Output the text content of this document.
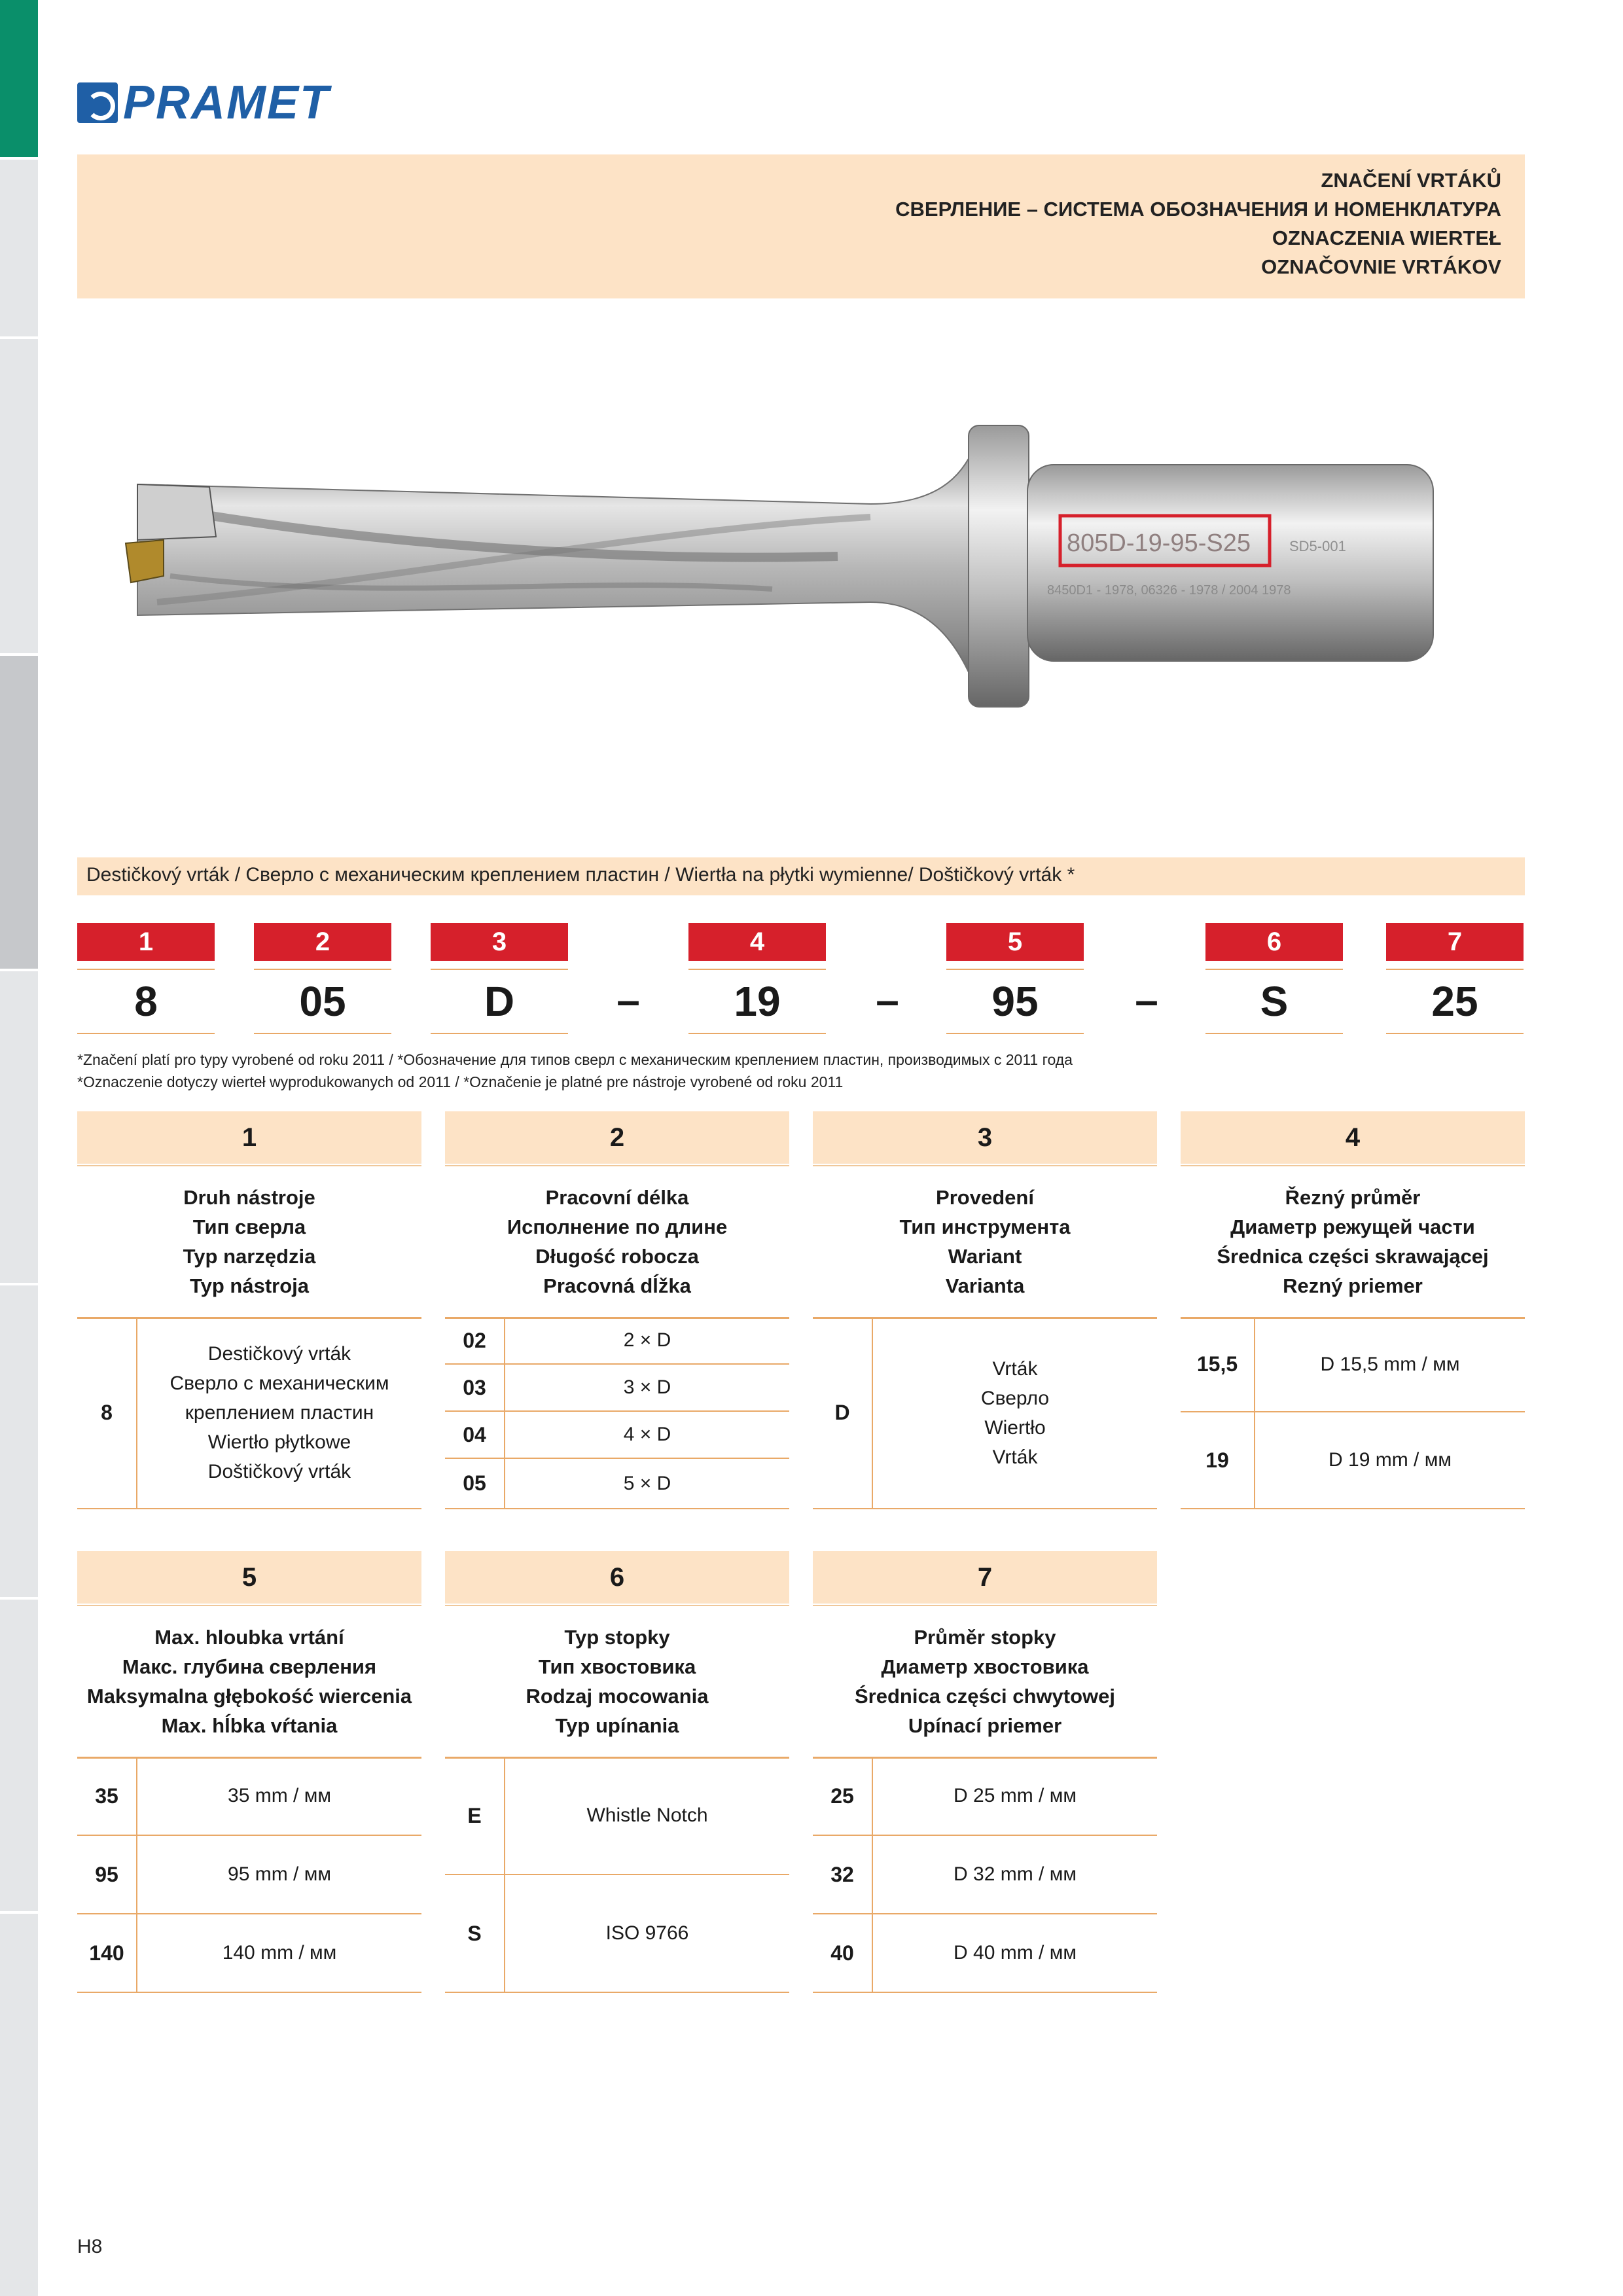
PRAMET
ZNAČENÍ VRTÁKŮ
СВЕРЛЕНИЕ – СИСТЕМА ОБОЗНАЧЕНИЯ И НОМЕНКЛАТУРА
OZNACZENIA WIERTEŁ
OZNAČOVNIE VRTÁKOV
805D-19-95-S25	SD5-001
8450D1 - 1978, 06326 - 1978 / 2004 1978
Destičkový vrták / Сверло с механическим креплением пластин / Wiertła na płytki wymienne/ Doštičkový vrták *
1	2	3	4	5	6	7
8	05	D	–	19	–	95	–	S	25
*Značení platí pro typy vyrobené od roku 2011 / *Обозначение для типов сверл с механическим креплением пластин, производимых с 2011 года
*Oznaczenie dotyczy wierteł wyprodukowanych od 2011 / *Označenie je platné pre nástroje vyrobené od roku 2011
1
Druh nástroje
Тип сверла
Typ narzędzia
Typ nástroja
8
Destičkový vrták
Сверло с механическим
креплением пластин
Wiertło płytkowe
Doštičkový vrták
2
Pracovní délka
Исполнение по длине
Długość robocza
Pracovná dĺžka
02	2 × D
03	3 × D
04	4 × D
05	5 × D
3
Provedení
Тип инструмента
Wariant
Varianta
D
Vrták
Сверло
Wiertło
Vrták
4
Řezný průměr
Диаметр режущей части
Średnica części skrawającej
Rezný priemer
15,5	D 15,5 mm / мм
19	D 19 mm / мм
5
Max. hloubka vrtání
Макс. глубина сверления
Maksymalna głębokość wiercenia
Max. hĺbka vŕtania
35	35 mm / мм
95	95 mm / мм
140	140 mm / мм
6
Typ stopky
Тип хвостовика
Rodzaj mocowania
Typ upínania
E	Whistle Notch
S	ISO 9766
7
Průměr stopky
Диаметр хвостовика
Średnica części chwytowej
Upínací priemer
25	D 25 mm / мм
32	D 32 mm / мм
40	D 40 mm / мм
H8
